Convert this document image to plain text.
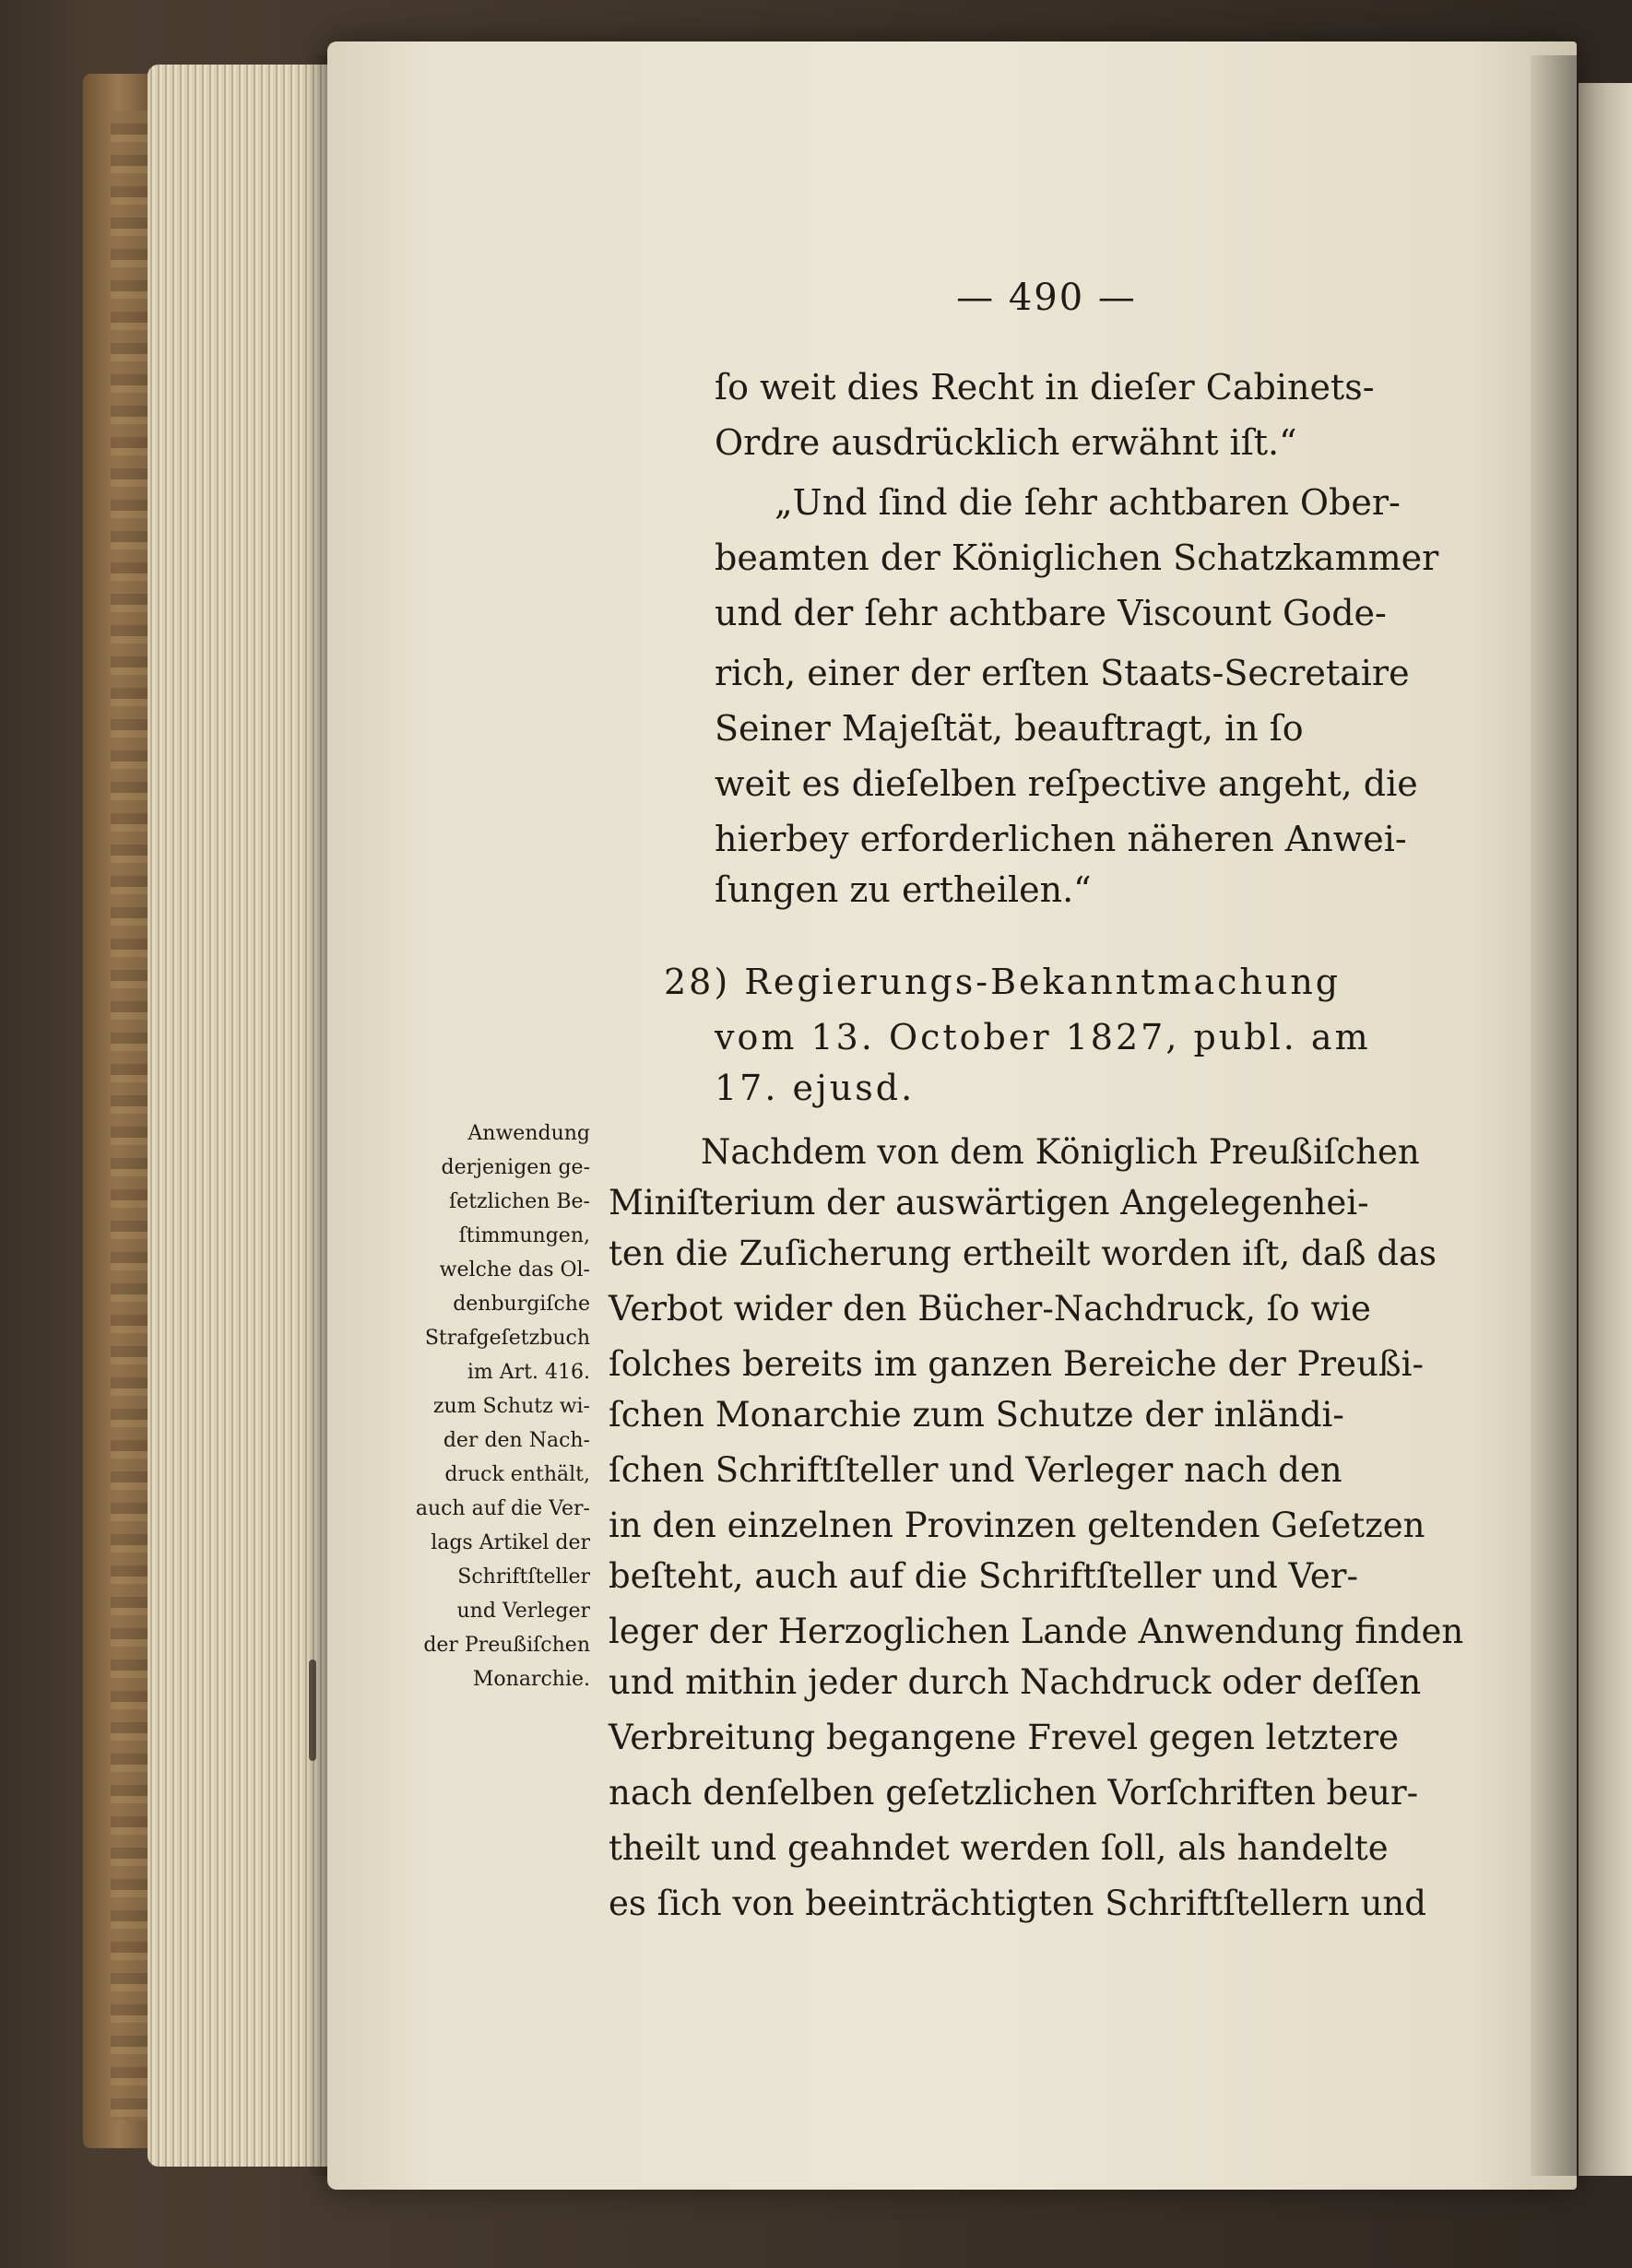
— 490 —
ſo weit dies Recht in dieſer Cabinets-
Ordre ausdrücklich erwähnt iſt.“
„Und ſind die ſehr achtbaren Ober-
beamten der Königlichen Schatzkammer
und der ſehr achtbare Viscount Gode-
rich, einer der erſten Staats-Secretaire
Seiner Majeſtät, beauftragt, in ſo
weit es dieſelben reſpective angeht, die
hierbey erforderlichen näheren Anwei-
ſungen zu ertheilen.“
28) Regierungs-Bekanntmachung
vom 13. October 1827, publ. am
17. ejusd.
Anwendung
derjenigen ge-
ſetzlichen Be-
ſtimmungen,
welche das Ol-
denburgiſche
Strafgeſetzbuch
im Art. 416.
zum Schutz wi-
der den Nach-
druck enthält,
auch auf die Ver-
lags Artikel der
Schriftſteller
und Verleger
der Preußiſchen
Monarchie.
Nachdem von dem Königlich Preußiſchen
Miniſterium der auswärtigen Angelegenhei-
ten die Zuſicherung ertheilt worden iſt, daß das
Verbot wider den Bücher-Nachdruck, ſo wie
ſolches bereits im ganzen Bereiche der Preußi-
ſchen Monarchie zum Schutze der inländi-
ſchen Schriftſteller und Verleger nach den
in den einzelnen Provinzen geltenden Geſetzen
beſteht, auch auf die Schriftſteller und Ver-
leger der Herzoglichen Lande Anwendung finden
und mithin jeder durch Nachdruck oder deſſen
Verbreitung begangene Frevel gegen letztere
nach denſelben geſetzlichen Vorſchriften beur-
theilt und geahndet werden ſoll, als handelte
es ſich von beeinträchtigten Schriftſtellern und
